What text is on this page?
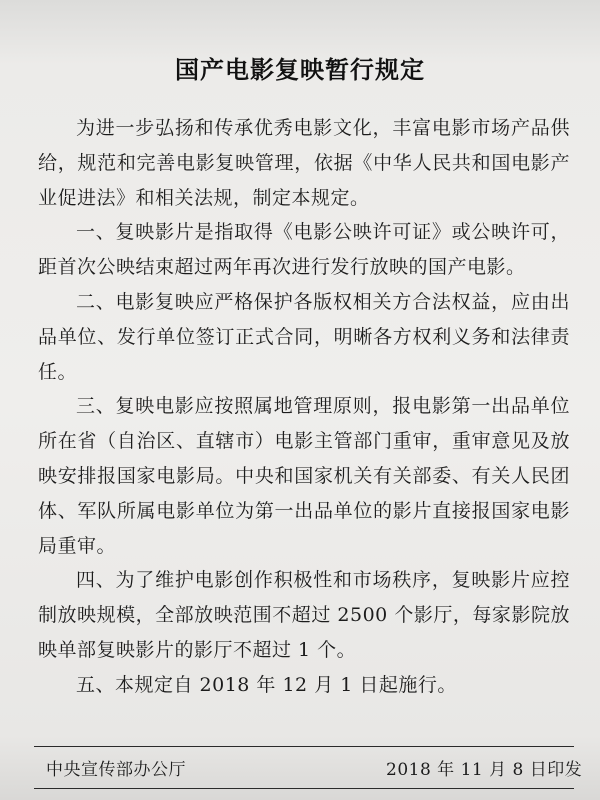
国产电影复映暂行规定

为进一步弘扬和传承优秀电影文化，丰富电影市场产品供给，规范和完善电影复映管理，依据《中华人民共和国电影产业促进法》和相关法规，制定本规定。

一、复映影片是指取得《电影公映许可证》或公映许可，距首次公映结束超过两年再次进行发行放映的国产电影。

二、电影复映应严格保护各版权相关方合法权益，应由出品单位、发行单位签订正式合同，明晰各方权利义务和法律责任。

三、复映电影应按照属地管理原则，报电影第一出品单位所在省（自治区、直辖市）电影主管部门重审，重审意见及放映安排报国家电影局。中央和国家机关有关部委、有关人民团体、军队所属电影单位为第一出品单位的影片直接报国家电影局重审。

四、为了维护电影创作积极性和市场秩序，复映影片应控制放映规模，全部放映范围不超过 2500 个影厅，每家影院放映单部复映影片的影厅不超过 1 个。

五、本规定自 2018 年 12 月 1 日起施行。

中央宣传部办公厅	2018 年 11 月 8 日印发
